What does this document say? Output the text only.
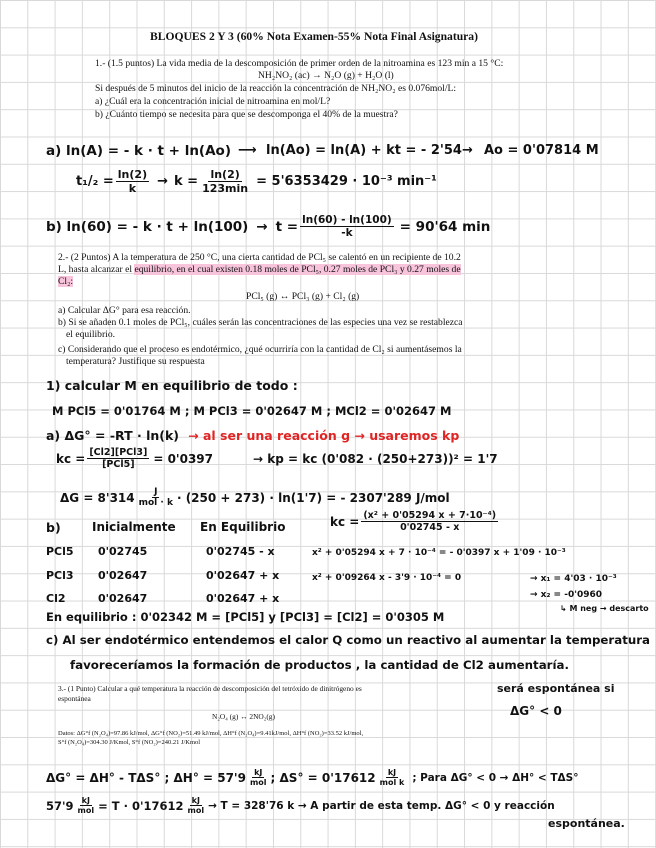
BLOQUES 2 Y 3 (60% Nota Examen-55% Nota Final Asignatura)
1.- (1.5 puntos) La vida media de la descomposición de primer orden de la nitroamina es 123 min a 15 °C:
NH₂NO₂ (ac) → N₂O (g) + H₂O (l)
Si después de 5 minutos del inicio de la reacción la concentración de NH₂NO₂ es 0.076mol/L:
a) ¿Cuál era la concentración inicial de nitroamina en mol/L?
b) ¿Cuánto tiempo se necesita para que se descomponga el 40% de la muestra?
a) ln(A) = - k · t + ln(Ao) ⟶ ln(Ao) = ln(A) + kt = - 2'54 → Ao = 0'07814 M
$t_1/_2 = \frac{\ln(2)}{k} \to k = \frac{\ln(2)}{123\min} = 5'6353429 \cdot 10^{-3}$ min⁻¹
b) ln(60) = - $k \cdot t + \ln(100) \to t = \frac{\ln(60) - \ln(100)}{-k} = 90'64$ min
2.- (2 Puntos) A la temperatura de 250 °C, una cierta cantidad de PCl₅ se calentó en un recipiente de 10.2
L, hasta alcanzar el equilibrio, en el cual existen 0.18 moles de PCl₅, 0.27 moles de PCl₃ y 0.27 moles de
Cl₂:
PCl₅ (g) ↔ PCl₃ (g) + Cl₂ (g)
a) Calcular ΔG° para esa reacción.
b) Si se añaden 0.1 moles de PCl₅, cuáles serán las concentraciones de las especies una vez se restablezca
el equilibrio.
c) Considerando que el proceso es endotérmico, ¿qué ocurriría con la cantidad de Cl₂ si aumentásemos la
temperatura? Justifique su respuesta
1) calcular M en equilibrio de todo :
M PCl5 = 0'01764 M ; M PCl3 = 0'02647 M ; MCl2 = 0'02647 M
a) ΔG° = -RT · ln(k) → al ser una reacción g → usaremos kp
kc = $\frac{\text{[Cl2][PCl3]}}{\text{[PCl5]}} = 0'0397$	→ kp = kc (0'082 · (250+273))² = 1'7
$\Delta G = 8'314 \frac{J}{\text{mol · k}} \cdot (250 + 273) \cdot \ln(1'7)$ = - 2307'289 J/mol
b)	Inicialmente En Equilibrio
PCl5 0'02745	0'02745 - x
PCl3 0'02647	0'02647 + x
Cl2	0'02647	0'02647 + x
kc = $\frac{\text{(x² + 0'05294 x + 7·10⁻⁴)}}{0'02745 - x}$
x² + 0'05294 x + 7 · 10⁻⁴ = - 0'0397 x + 1'09 · 10⁻³
x² + 0'09264 x - 3'9 · 10⁻⁴ = 0	→ x₁ = 4'03 · 10⁻³
→ x₂ = -0'0960
↳ M neg → descarto
En equilibrio : 0'02342 M = [PCl5] y [PCl3] = [Cl2] = 0'0305 M
c) Al ser endotérmico entendemos el calor Q como un reactivo al aumentar la temperatura
favoreceríamos la formación de productos , la cantidad de Cl2 aumentaría.
3.- (1 Punto) Calcular a qué temperatura la reacción de descomposición del tetróxido de dinitrógeno es
espontánea
N₂O₄ (g) ↔ 2NO₂(g)
Datos: ΔG°f (N₂O₄)=97.86 kJ/mol, ΔG°f (NO₂)=51.49 kJ/mol, ΔH°f (N₂O₄)=9.41kJ/mol, ΔH°f (NO₂)=33.52 kJ/mol,
S°f (N₂O₄)=304.30 J/Kmol, S°f (NO₂)=240.21 J/Kmol
será espontánea si
ΔG° < 0
ΔG° = ΔH° - TΔS° ; $\Delta H^\circ = 57'9 \frac{kJ}{\text{mol}}$ ; $\Delta S^\circ = 0'17612 \frac{kJ}{\text{mol k}}$ ; Para ΔG° < 0 → ΔH° < TΔS°
$57'9 \frac{kJ}{\text{mol}} = T \cdot 0'17612 \frac{kJ}{\text{mol}} \to T = 328'76$ k → A partir de esta temp. ΔG° < 0 y reacción
espontánea.
